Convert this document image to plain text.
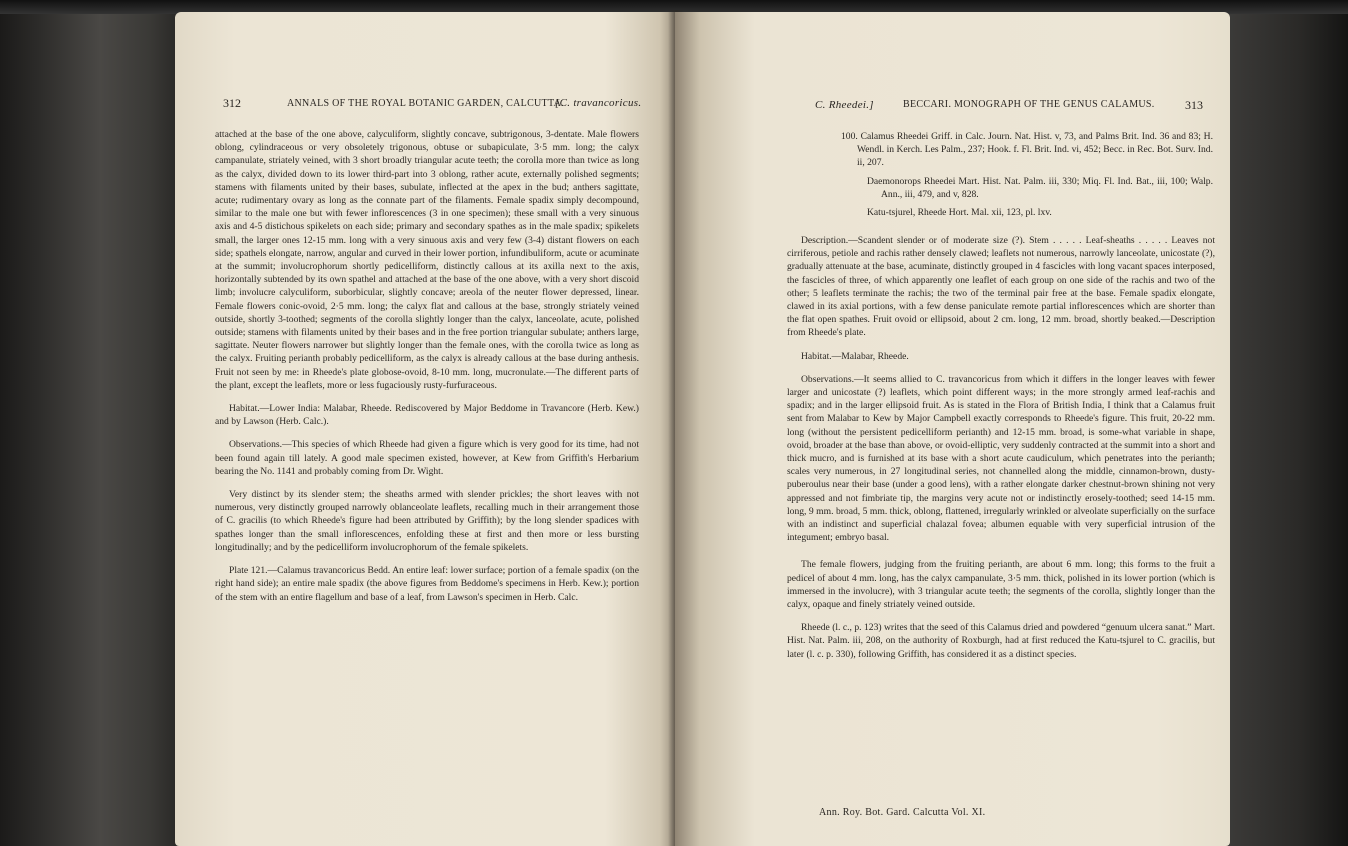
312	ANNALS OF THE ROYAL BOTANIC GARDEN, CALCUTTA.
[C. travancoricus.

attached at the base of the one above, calyculiform, slightly concave, subtrigonous, 3-dentate. Male flowers oblong, cylindraceous or very obsoletely trigonous, obtuse or subapiculate, 3·5 mm. long; the calyx campanulate, striately veined, with 3 short broadly triangular acute teeth; the corolla more than twice as long as the calyx, divided down to its lower third-part into 3 oblong, rather acute, externally polished segments; stamens with filaments united by their bases, subulate, inflected at the apex in the bud; anthers sagittate, acute; rudimentary ovary as long as the connate part of the filaments. Female spadix simply decompound, similar to the male one but with fewer inflorescences (3 in one specimen); these small with a very sinuous axis and 4-5 distichous spikelets on each side; primary and secondary spathes as in the male spadix; spikelets small, the larger ones 12-15 mm. long with a very sinuous axis and very few (3-4) distant flowers on each side; spathels elongate, narrow, angular and curved in their lower portion, infundibuliform, acute or acuminate at the summit; involucrophorum shortly pedicelliform, distinctly callous at its axilla next to the axis, horizontally subtended by its own spathel and attached at the base of the one above, with a very short discoid limb; involucre calyculiform, suborbicular, slightly concave; areola of the neuter flower depressed, linear. Female flowers conic-ovoid, 2·5 mm. long; the calyx flat and callous at the base, strongly striately veined outside, shortly 3-toothed; segments of the corolla slightly longer than the calyx, lanceolate, acute, polished outside; stamens with filaments united by their bases and in the free portion triangular subulate; anthers large, sagittate. Neuter flowers narrower but slightly longer than the female ones, with the corolla twice as long as the calyx. Fruiting perianth probably pedicelliform, as the calyx is already callous at the base during anthesis. Fruit not seen by me: in Rheede's plate globose-ovoid, 8-10 mm. long, mucronulate.—The different parts of the plant, except the leaflets, more or less fugaciously rusty-furfuraceous.

Habitat.—Lower India: Malabar, Rheede. Rediscovered by Major Beddome in Travancore (Herb. Kew.) and by Lawson (Herb. Calc.).

Observations.—This species of which Rheede had given a figure which is very good for its time, had not been found again till lately. A good male specimen existed, however, at Kew from Griffith's Herbarium bearing the No. 1141 and probably coming from Dr. Wight.

Very distinct by its slender stem; the sheaths armed with slender prickles; the short leaves with not numerous, very distinctly grouped narrowly oblanceolate leaflets, recalling much in their arrangement those of C. gracilis (to which Rheede's figure had been attributed by Griffith); by the long slender spadices with spathes longer than the small inflorescences, enfolding these at first and then more or less bursting longitudinally; and by the pedicelliform involucrophorum of the female spikelets.

Plate 121.—Calamus travancoricus Bedd. An entire leaf: lower surface; portion of a female spadix (on the right hand side); an entire male spadix (the above figures from Beddome's specimens in Herb. Kew.); portion of the stem with an entire flagellum and base of a leaf, from Lawson's specimen in Herb. Calc.

C. Rheedei.]	BECCARI. MONOGRAPH OF THE GENUS CALAMUS.	313

100. Calamus Rheedei Griff. in Calc. Journ. Nat. Hist. v, 73, and Palms Brit. Ind. 36 and 83; H. Wendl. in Kerch. Les Palm., 237; Hook. f. Fl. Brit. Ind. vi, 452; Becc. in Rec. Bot. Surv. Ind. ii, 207.

Daemonorops Rheedei Mart. Hist. Nat. Palm. iii, 330; Miq. Fl. Ind. Bat., iii, 100; Walp. Ann., iii, 479, and v, 828.

Katu-tsjurel, Rheede Hort. Mal. xii, 123, pl. lxv.

Description.—Scandent slender or of moderate size (?). Stem . . . . . Leaf-sheaths . . . . . Leaves not cirriferous, petiole and rachis rather densely clawed; leaflets not numerous, narrowly lanceolate, unicostate (?), gradually attenuate at the base, acuminate, distinctly grouped in 4 fascicles with long vacant spaces interposed, the fascicles of three, of which apparently one leaflet of each group on one side of the rachis and two of the other; 5 leaflets terminate the rachis; the two of the terminal pair free at the base. Female spadix elongate, clawed in its axial portions, with a few dense paniculate remote partial inflorescences which are shorter than the flat open spathes. Fruit ovoid or ellipsoid, about 2 cm. long, 12 mm. broad, shortly beaked.—Description from Rheede's plate.

Habitat.—Malabar, Rheede.

Observations.—It seems allied to C. travancoricus from which it differs in the longer leaves with fewer larger and unicostate (?) leaflets, which point different ways; in the more strongly armed leaf-rachis and spadix; and in the larger ellipsoid fruit. As is stated in the Flora of British India, I think that a Calamus fruit sent from Malabar to Kew by Major Campbell exactly corresponds to Rheede's figure. This fruit, 20-22 mm. long (without the persistent pedicelliform perianth) and 12-15 mm. broad, is some-what variable in shape, ovoid, broader at the base than above, or ovoid-elliptic, very suddenly contracted at the summit into a short and thick mucro, and is furnished at its base with a short acute caudiculum, which penetrates into the perianth; scales very numerous, in 27 longitudinal series, not channelled along the middle, cinnamon-brown, dusty-puberoulus near their base (under a good lens), with a rather elongate darker chestnut-brown shining not very appressed and not fimbriate tip, the margins very acute not or indistinctly erosely-toothed; seed 14-15 mm. long, 9 mm. broad, 5 mm. thick, oblong, flattened, irregularly wrinkled or alveolate superficially on the surface with an indistinct and superficial chalazal fovea; albumen equable with very superficial intrusion of the integument; embryo basal.

The female flowers, judging from the fruiting perianth, are about 6 mm. long; this forms to the fruit a pedicel of about 4 mm. long, has the calyx campanulate, 3·5 mm. thick, polished in its lower portion (which is immersed in the involucre), with 3 triangular acute teeth; the segments of the corolla, slightly longer than the calyx, opaque and finely striately veined outside.

Rheede (l. c., p. 123) writes that the seed of this Calamus dried and powdered “genuum ulcera sanat.” Mart. Hist. Nat. Palm. iii, 208, on the authority of Roxburgh, had at first reduced the Katu-tsjurel to C. gracilis, but later (l. c. p. 330), following Griffith, has considered it as a distinct species.

Ann. Roy. Bot. Gard. Calcutta Vol. XI.
